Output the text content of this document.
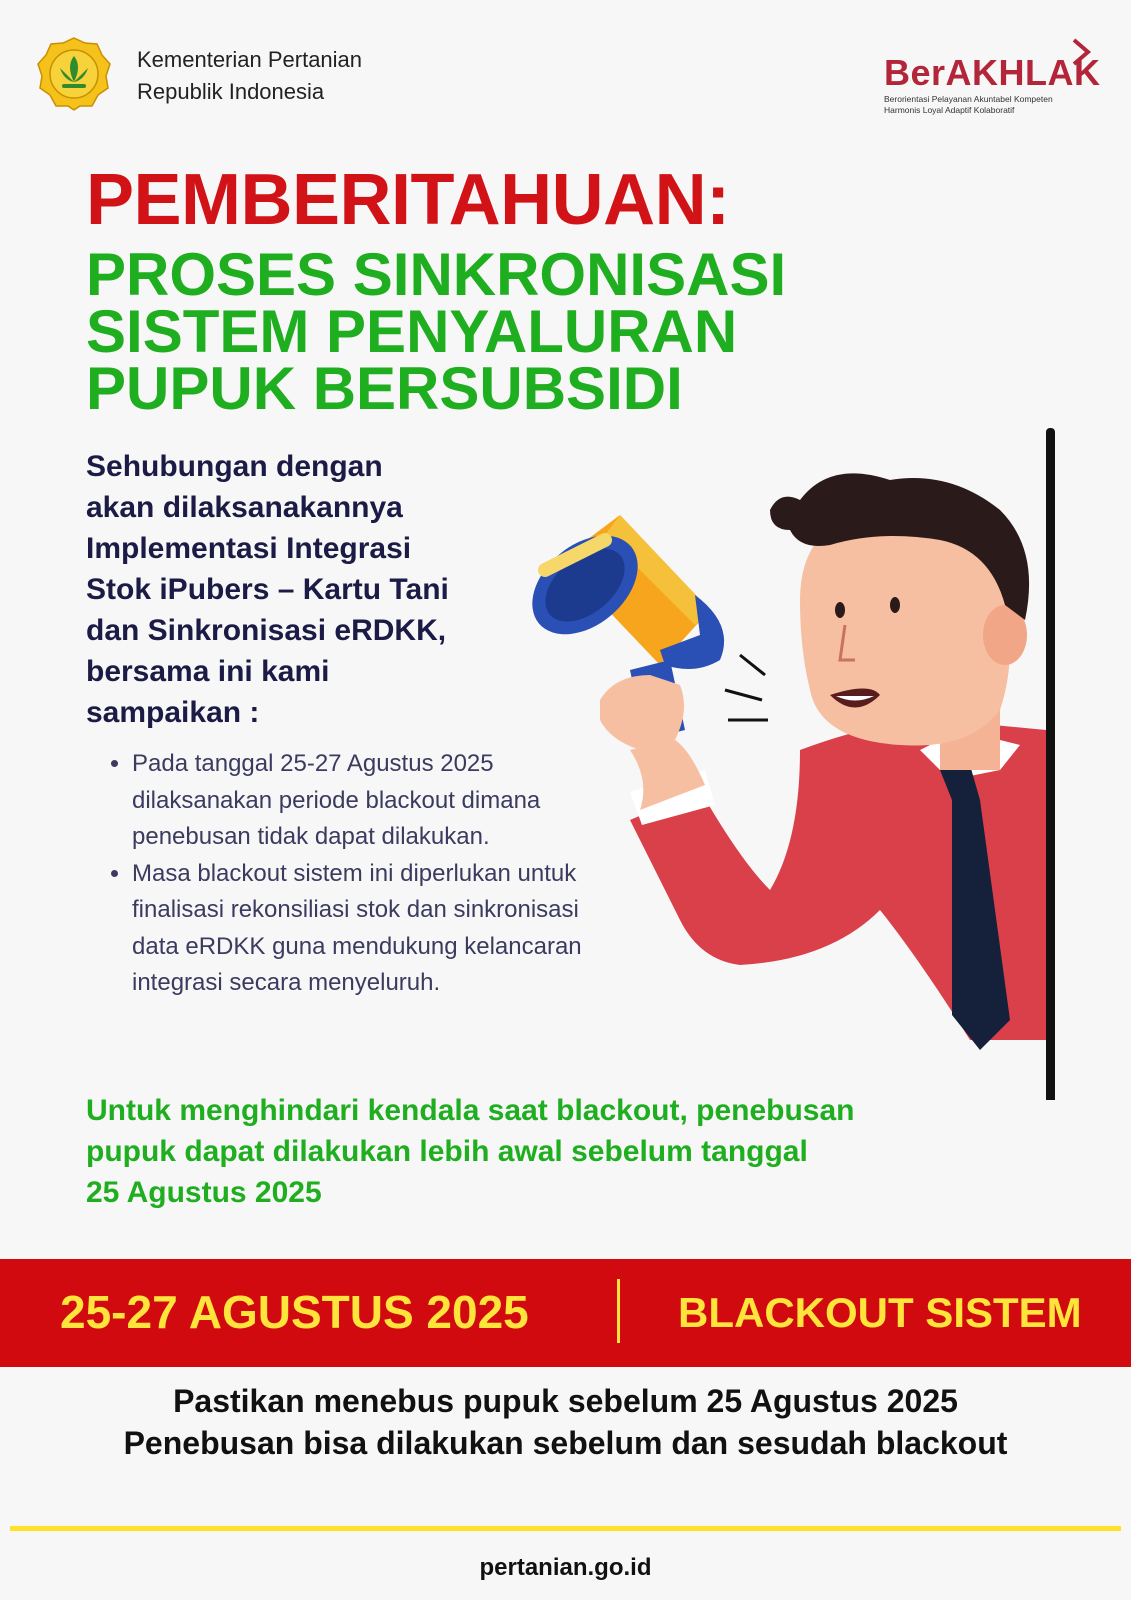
Kementerian Pertanian
Republik Indonesia	BerAKHLAK
Berorientasi Pelayanan Akuntabel Kompeten
Harmonis Loyal Adaptif Kolaboratif
PEMBERITAHUAN:
PROSES SINKRONISASI
SISTEM PENYALURAN
PUPUK BERSUBSIDI
Sehubungan dengan
akan dilaksanakannya
Implementasi Integrasi
Stok iPubers – Kartu Tani
dan Sinkronisasi eRDKK,
bersama ini kami
sampaikan :
• Pada tanggal 25-27 Agustus 2025 dilaksanakan periode blackout dimana penebusan tidak dapat dilakukan.
• Masa blackout sistem ini diperlukan untuk finalisasi rekonsiliasi stok dan sinkronisasi data eRDKK guna mendukung kelancaran integrasi secara menyeluruh.
Untuk menghindari kendala saat blackout, penebusan
pupuk dapat dilakukan lebih awal sebelum tanggal
25 Agustus 2025
25-27 AGUSTUS 2025	BLACKOUT SISTEM
Pastikan menebus pupuk sebelum 25 Agustus 2025
Penebusan bisa dilakukan sebelum dan sesudah blackout
pertanian.go.id
